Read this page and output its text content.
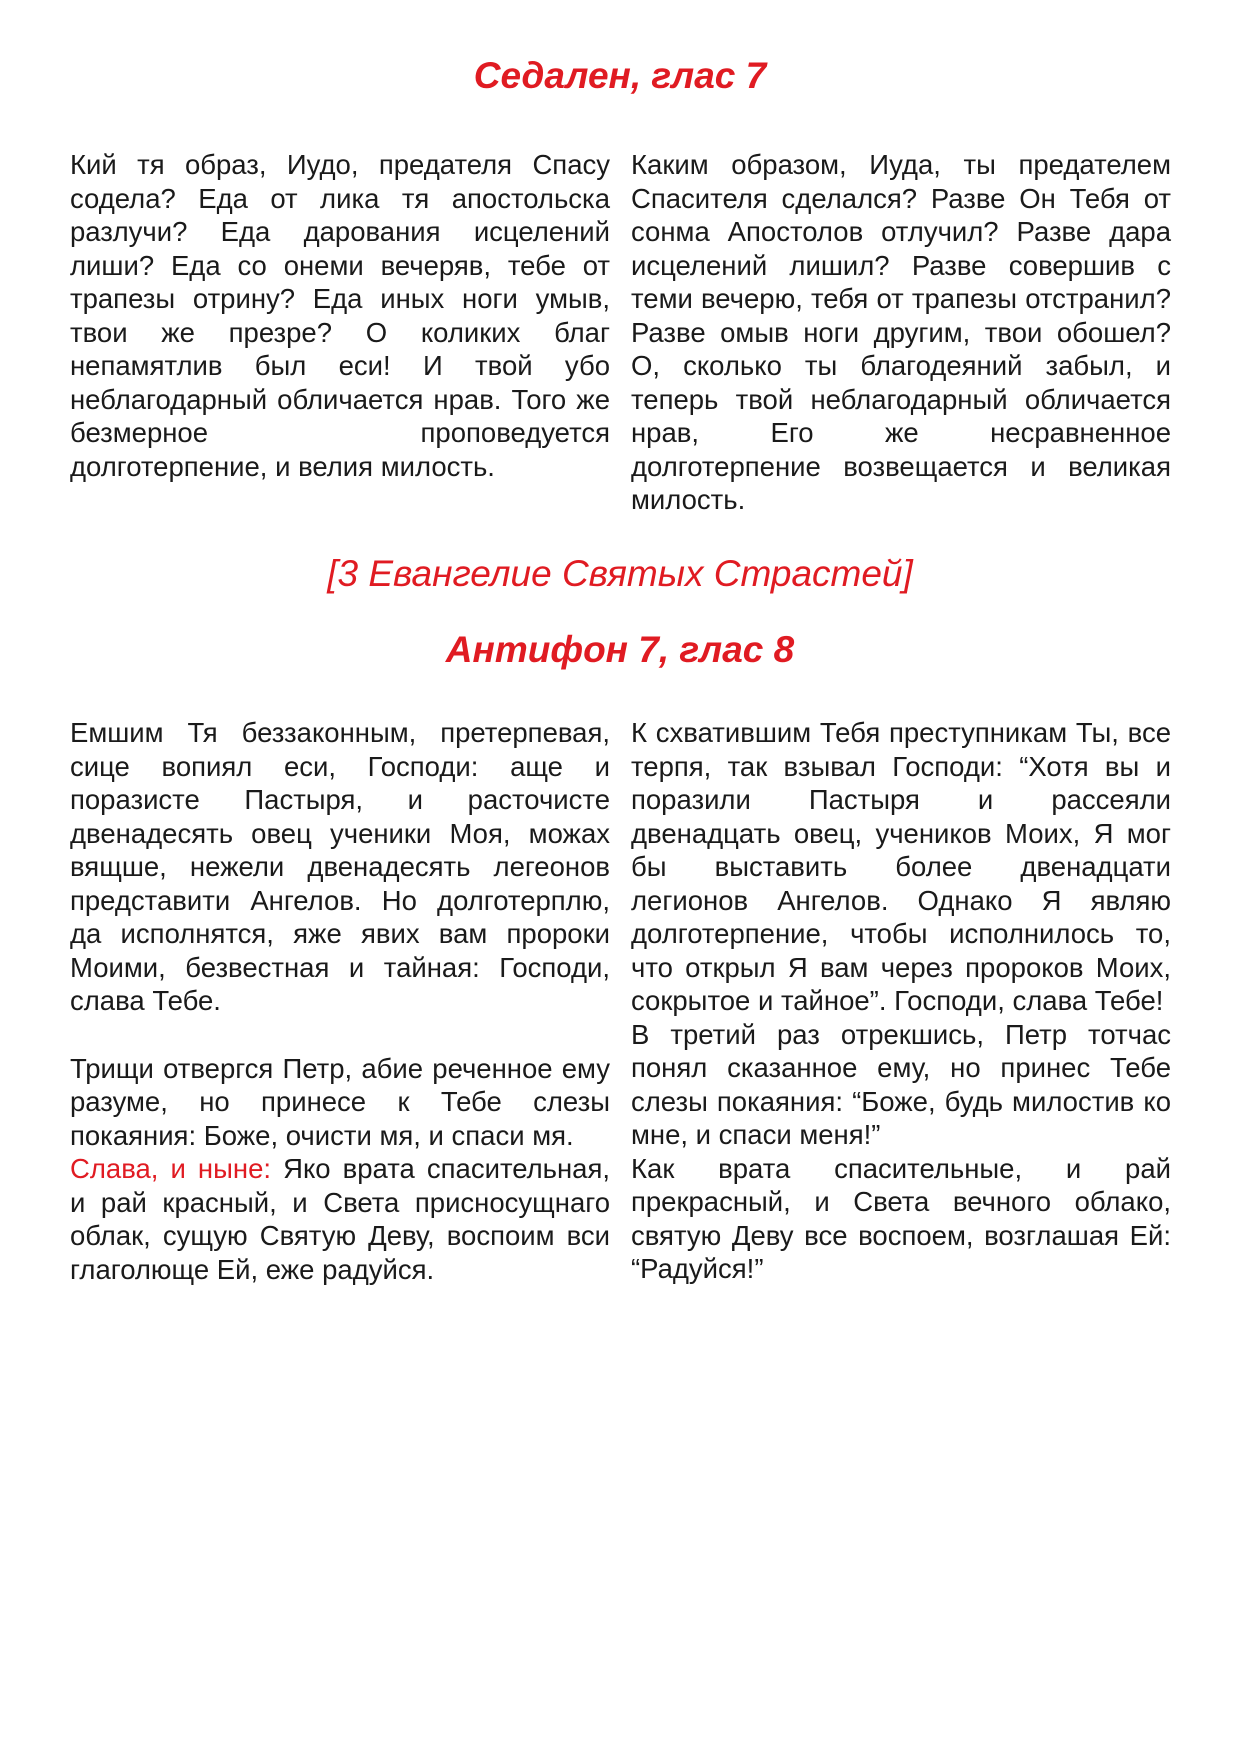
Седален, глас 7

Кий тя образ, Иудо, предателя Спасу содела? Еда от лика тя апостольска разлучи? Еда дарования исцелений лиши? Еда со онеми вечеряв, тебе от трапезы отрину? Еда иных ноги умыв, твои же презре? О коликих благ непамятлив был еси! И твой убо неблагодарный обличается нрав. Того же безмерное проповедуется долготерпение, и велия милость.

Каким образом, Иуда, ты предателем Спасителя сделался? Разве Он Тебя от сонма Апостолов отлучил? Разве дара исцелений лишил? Разве совершив с теми вечерю, тебя от трапезы отстранил? Разве омыв ноги другим, твои обошел? О, сколько ты благодеяний забыл, и теперь твой неблагодарный обличается нрав, Его же несравненное долготерпение возвещается и великая милость.

[3 Евангелие Святых Страстей]
Антифон 7, глас 8

Емшим Тя беззаконным, претерпевая, сице вопиял еси, Господи: аще и поразисте Пастыря, и расточисте двенадесять овец ученики Моя, можах вящше, нежели двенадесять легеонов представити Ангелов. Но долготерплю, да исполнятся, яже явих вам пророки Моими, безвестная и тайная: Господи, слава Тебе.

Трищи отвергся Петр, абие реченное ему разуме, но принесе к Тебе слезы покаяния: Боже, очисти мя, и спаси мя.

Слава, и ныне: Яко врата спасительная, и рай красный, и Света присносущнаго облак, сущую Святую Деву, воспоим вси глаголюще Ей, еже радуйся.

К схватившим Тебя преступникам Ты, все терпя, так взывал Господи: “Хотя вы и поразили Пастыря и рассеяли двенадцать овец, учеников Моих, Я мог бы выставить более двенадцати легионов Ангелов. Однако Я являю долготерпение, чтобы исполнилось то, что открыл Я вам через пророков Моих, сокрытое и тайное”. Господи, слава Тебе!

В третий раз отрекшись, Петр тотчас понял сказанное ему, но принес Тебе слезы покаяния: “Боже, будь милостив ко мне, и спаси меня!”

Как врата спасительные, и рай прекрасный, и Света вечного облако, святую Деву все воспоем, возглашая Ей: “Радуйся!”
